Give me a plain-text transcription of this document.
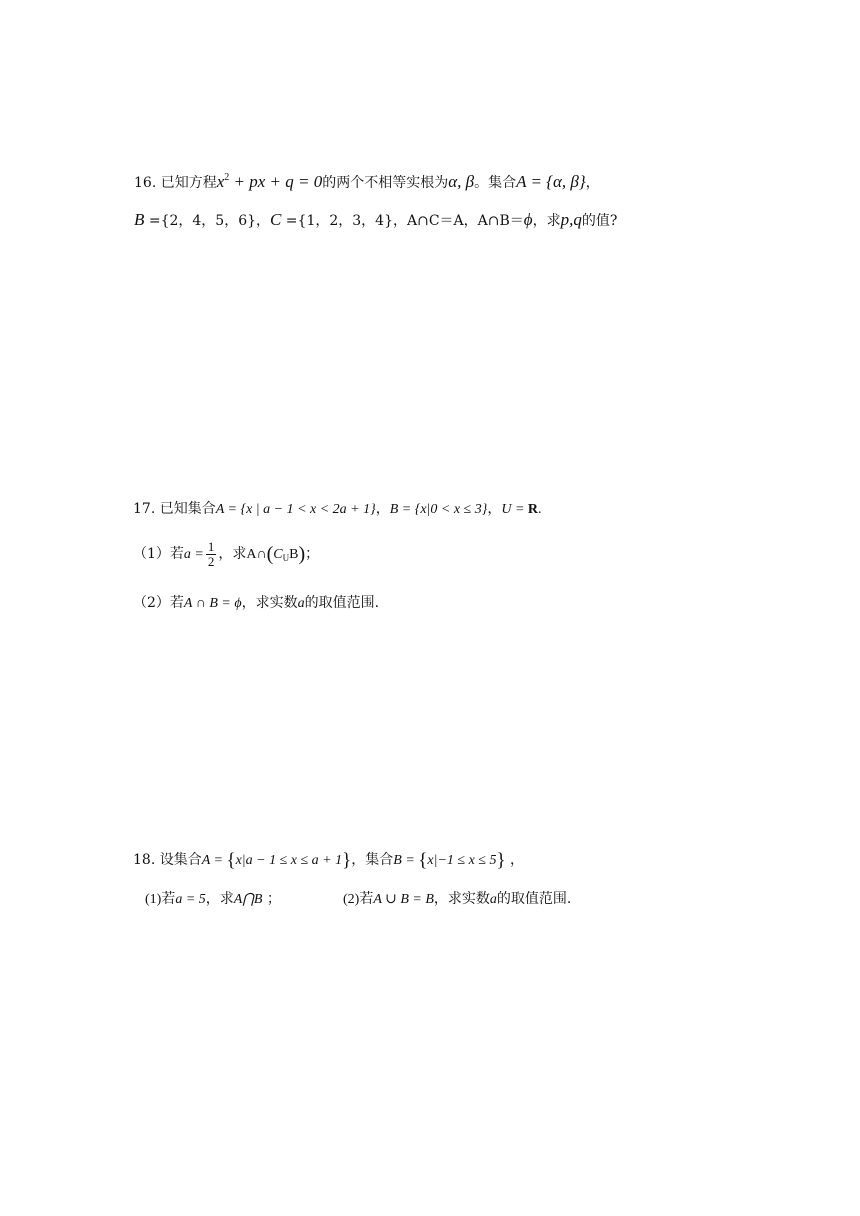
16. 已知方程$x^2$ + px + q = 0的两个不相等实根为α, β。集合A = {α, β}，
B ={2，4，5，6}，C ={1，2，3，4}，A∩C＝A，A∩B＝ϕ，求p,q的值?
17. 已知集合A = {x | a − 1 < x < 2a + 1}，B = {x|0 < x ≤ 3}，U = R.
（1）若$a = \frac{1}{2}$ ，求$A\cap(C_UB)$；
（2）若A ∩ B = ϕ，求实数a的取值范围.
18. 设集合A = {x|a − 1 ≤ x ≤ a + 1}，集合B = {x|−1 ≤ x ≤ 5} ，
(1)若a = 5，求A⋂B ；	(2)若A ∪ B = B，求实数a的取值范围.
